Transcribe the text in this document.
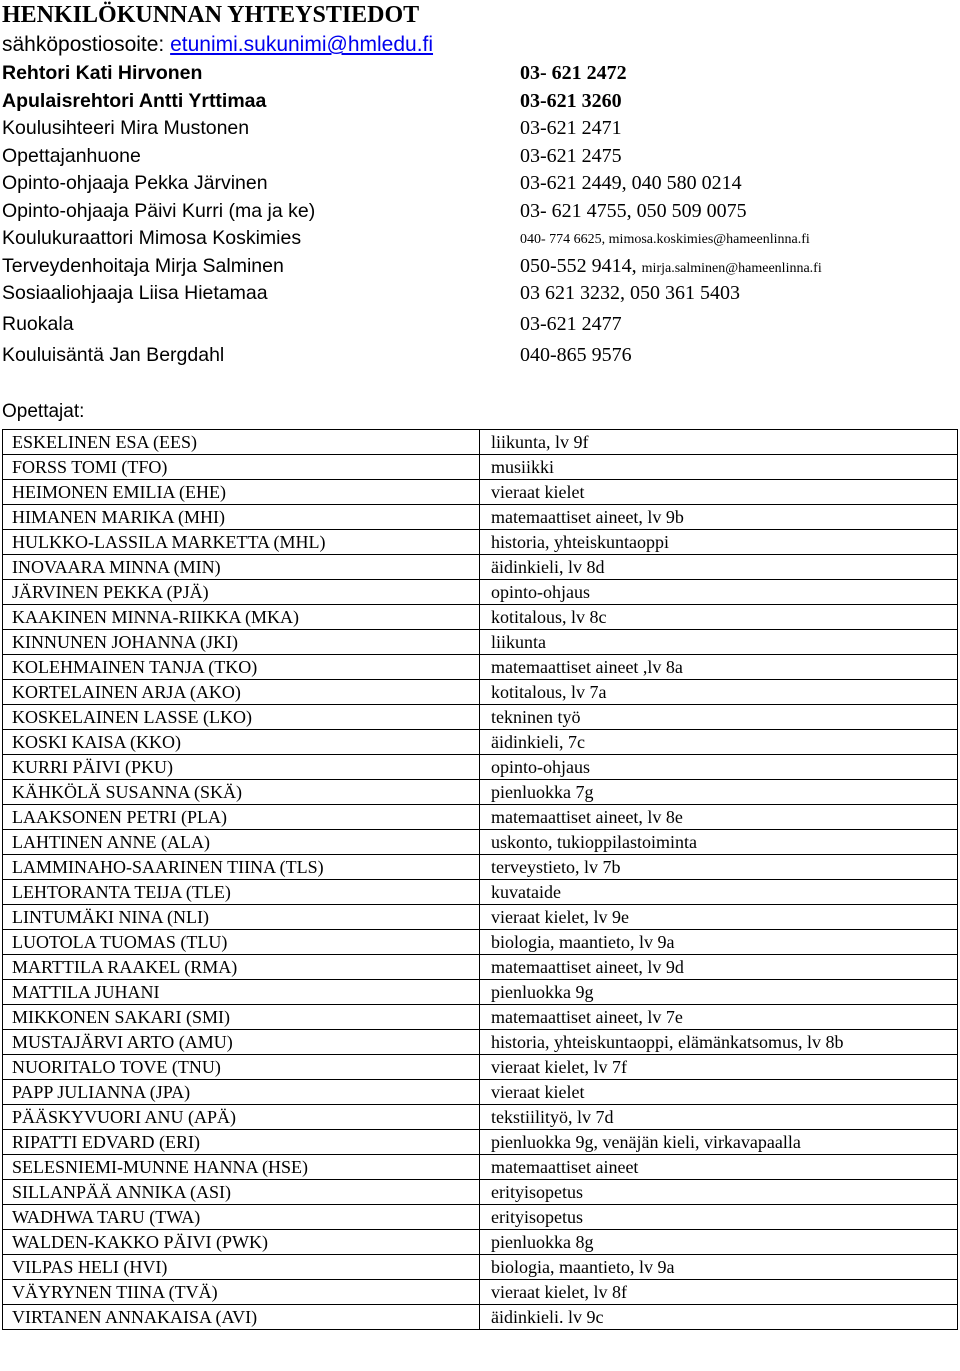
HENKILÖKUNNAN YHTEYSTIEDOT
sähköpostiosoite: etunimi.sukunimi@hmledu.fi
Rehtori Kati Hirvonen	03- 621 2472
Apulaisrehtori Antti Yrttimaa	03-621 3260
Koulusihteeri Mira Mustonen	03-621 2471
Opettajanhuone	03-621 2475
Opinto-ohjaaja Pekka Järvinen	03-621 2449, 040 580 0214
Opinto-ohjaaja Päivi Kurri (ma ja ke)	03- 621 4755, 050 509 0075
Koulukuraattori Mimosa Koskimies	040- 774 6625, mimosa.koskimies@hameenlinna.fi
Terveydenhoitaja Mirja Salminen	050-552 9414, mirja.salminen@hameenlinna.fi
Sosiaaliohjaaja Liisa Hietamaa	03 621 3232, 050 361 5403
Ruokala	03-621 2477
Kouluisäntä Jan Bergdahl	040-865 9576
Opettajat:
ESKELINEN ESA (EES)	liikunta, lv 9f
FORSS TOMI (TFO)	musiikki
HEIMONEN EMILIA (EHE)	vieraat kielet
HIMANEN MARIKA (MHI)	matemaattiset aineet, lv 9b
HULKKO-LASSILA MARKETTA (MHL)	historia, yhteiskuntaoppi
INOVAARA MINNA (MIN)	äidinkieli, lv 8d
JÄRVINEN PEKKA (PJÄ)	opinto-ohjaus
KAAKINEN MINNA-RIIKKA (MKA)	kotitalous, lv 8c
KINNUNEN JOHANNA (JKI)	liikunta
KOLEHMAINEN TANJA (TKO)	matemaattiset aineet ,lv 8a
KORTELAINEN ARJA (AKO)	kotitalous, lv 7a
KOSKELAINEN LASSE (LKO)	tekninen työ
KOSKI KAISA (KKO)	äidinkieli, 7c
KURRI PÄIVI (PKU)	opinto-ohjaus
KÄHKÖLÄ SUSANNA (SKÄ)	pienluokka 7g
LAAKSONEN PETRI (PLA)	matemaattiset aineet, lv 8e
LAHTINEN ANNE (ALA)	uskonto, tukioppilastoiminta
LAMMINAHO-SAARINEN TIINA (TLS)	terveystieto, lv 7b
LEHTORANTA TEIJA (TLE)	kuvataide
LINTUMÄKI NINA (NLI)	vieraat kielet, lv 9e
LUOTOLA TUOMAS (TLU)	biologia, maantieto, lv 9a
MARTTILA RAAKEL (RMA)	matemaattiset aineet, lv 9d
MATTILA JUHANI	pienluokka 9g
MIKKONEN SAKARI (SMI)	matemaattiset aineet, lv 7e
MUSTAJÄRVI ARTO (AMU)	historia, yhteiskuntaoppi, elämänkatsomus, lv 8b
NUORITALO TOVE (TNU)	vieraat kielet, lv 7f
PAPP JULIANNA (JPA)	vieraat kielet
PÄÄSKYVUORI ANU (APÄ)	tekstiilityö, lv 7d
RIPATTI EDVARD (ERI)	pienluokka 9g, venäjän kieli, virkavapaalla
SELESNIEMI-MUNNE HANNA (HSE)	matemaattiset aineet
SILLANPÄÄ ANNIKA (ASI)	erityisopetus
WADHWA TARU (TWA)	erityisopetus
WALDEN-KAKKO PÄIVI (PWK)	pienluokka 8g
VILPAS HELI (HVI)	biologia, maantieto, lv 9a
VÄYRYNEN TIINA (TVÄ)	vieraat kielet, lv 8f
VIRTANEN ANNAKAISA (AVI)	äidinkieli. lv 9c
